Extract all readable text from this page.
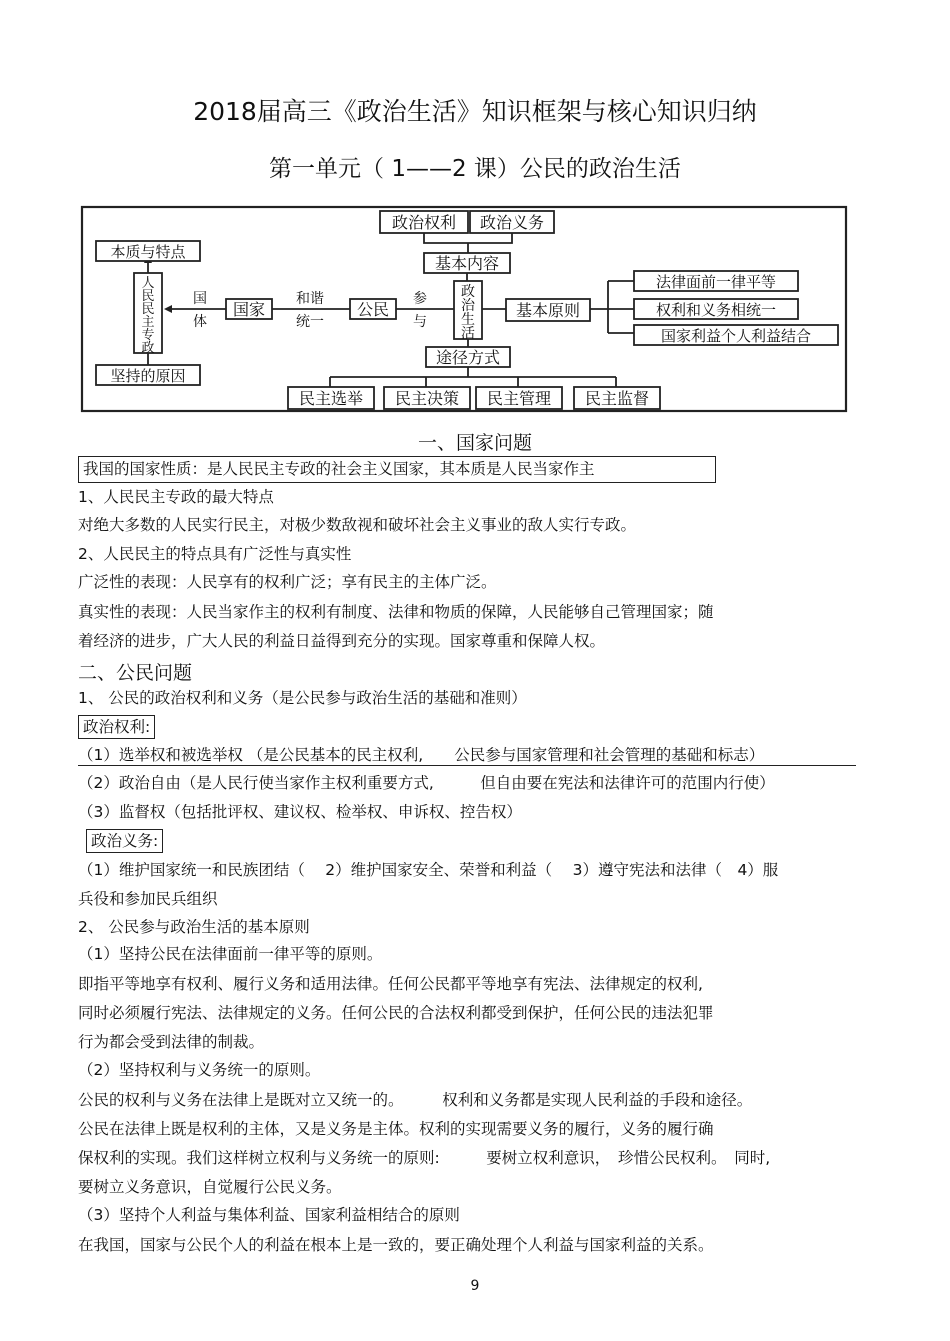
2018届高三《政治生活》知识框架与核心知识归纳
第一单元（ 1——2 课）公民的政治生活
政治权利 政治义务
基本内容
政
治
生
活
基本原则
法律面前一律平等
权利和义务相统一
国家利益个人利益结合
途径方式
民主选举 民主决策 民主管理 民主监督
参
与
公民
和谐
统一
国家
国
体
人
民
民
主
专
政
本质与特点
坚持的原因
一、国家问题
我国的国家性质：是人民民主专政的社会主义国家，其本质是人民当家作主
1、人民民主专政的最大特点
对绝大多数的人民实行民主，对极少数敌视和破坏社会主义事业的敌人实行专政。
2、人民民主的特点具有广泛性与真实性
广泛性的表现：人民享有的权利广泛；享有民主的主体广泛。
真实性的表现：人民当家作主的权利有制度、法律和物质的保障，人民能够自己管理国家；随
着经济的进步，广大人民的利益日益得到充分的实现。国家尊重和保障人权。
二、公民问题
1、 公民的政治权利和义务（是公民参与政治生活的基础和准则）
政治权利:
（1）选举权和被选举权 （是公民基本的民主权利,　　公民参与国家管理和社会管理的基础和标志）
（2）政治自由（是人民行使当家作主权利重要方式,　　　但自由要在宪法和法律许可的范围内行使）
（3）监督权（包括批评权、建议权、检举权、申诉权、控告权）
政治义务:
（1）维护国家统一和民族团结（　 2）维护国家安全、荣誉和利益（　 3）遵守宪法和法律（　4）服
兵役和参加民兵组织
2、 公民参与政治生活的基本原则
（1）坚持公民在法律面前一律平等的原则。
即指平等地享有权利、履行义务和适用法律。任何公民都平等地享有宪法、法律规定的权利,
同时必须履行宪法、法律规定的义务。任何公民的合法权利都受到保护，任何公民的违法犯罪
行为都会受到法律的制裁。
（2）坚持权利与义务统一的原则。
公民的权利与义务在法律上是既对立又统一的。　　　权利和义务都是实现人民利益的手段和途径。
公民在法律上既是权利的主体，又是义务是主体。权利的实现需要义务的履行，义务的履行确
保权利的实现。我们这样树立权利与义务统一的原则:　　　要树立权利意识，　珍惜公民权利。　同时,
要树立义务意识，自觉履行公民义务。
（3）坚持个人利益与集体利益、国家利益相结合的原则
在我国，国家与公民个人的利益在根本上是一致的，要正确处理个人利益与国家利益的关系。
9
